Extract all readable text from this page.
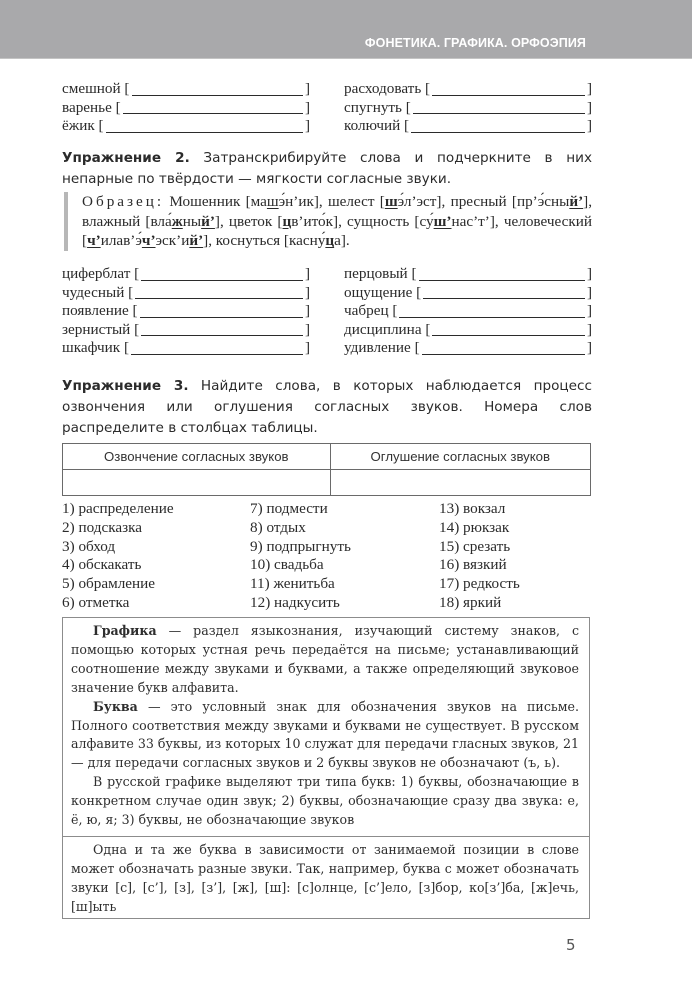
ФОНЕТИКА. ГРАФИКА. ОРФОЭПИЯ
смешной [	] расходовать [	]
варенье [	] спугнуть [	]
ёжик [	] колючий [	]
Упражнение 2. Затранскрибируйте слова и подчеркните в них непарные по твёрдости — мягкости согласные звуки.
Образец: Мошенник [машэ́н’ик], шелест [шэ́л’эст], пресный [пр’э́сный’], влажный [вла́жный’], цветок [цв’ито́к], сущность [су́ш’нас’т’], человеческий [ч’илав’э́ч’эск’ий’], коснуться [касну́ца].
циферблат [	] перцовый [	]
чудесный [	] ощущение [	]
появление [	] чабрец [	]
зернистый [	] дисциплина [	]
шкафчик [	] удивление [	]
Упражнение 3. Найдите слова, в которых наблюдается процесс озвончения или оглушения согласных звуков. Номера слов распределите в столбцах таблицы.
Озвончение согласных звуков	Оглушение согласных звуков

1) распределение
2) подсказка
3) обход
4) обскакать
5) обрамление
6) отметка
7) подмести
8) отдых
9) подпрыгнуть
10) свадьба
11) женитьба
12) надкусить
13) вокзал
14) рюкзак
15) срезать
16) вязкий
17) редкость
18) яркий

Графика — раздел языкознания, изучающий систему знаков, с помощью которых устная речь передаётся на письме; устанавливающий соотношение между звуками и буквами, а также определяющий звуковое значение букв алфавита.

Буква — это условный знак для обозначения звуков на письме. Полного соответствия между звуками и буквами не существует. В русском алфавите 33 буквы, из которых 10 служат для передачи гласных звуков, 21 — для передачи согласных звуков и 2 буквы звуков не обозначают (ъ, ь).

В русской графике выделяют три типа букв: 1) буквы, обозначающие в конкретном случае один звук; 2) буквы, обозначающие сразу два звука: е, ё, ю, я; 3) буквы, не обозначающие звуков

Одна и та же буква в зависимости от занимаемой позиции в слове может обозначать разные звуки. Так, например, буква с может обозначать звуки [с], [с’], [з], [з’], [ж], [ш]: [с]олнце, [с’]ело, [з]бор, ко[з’]ба, [ж]ечь, [ш]ыть

5
